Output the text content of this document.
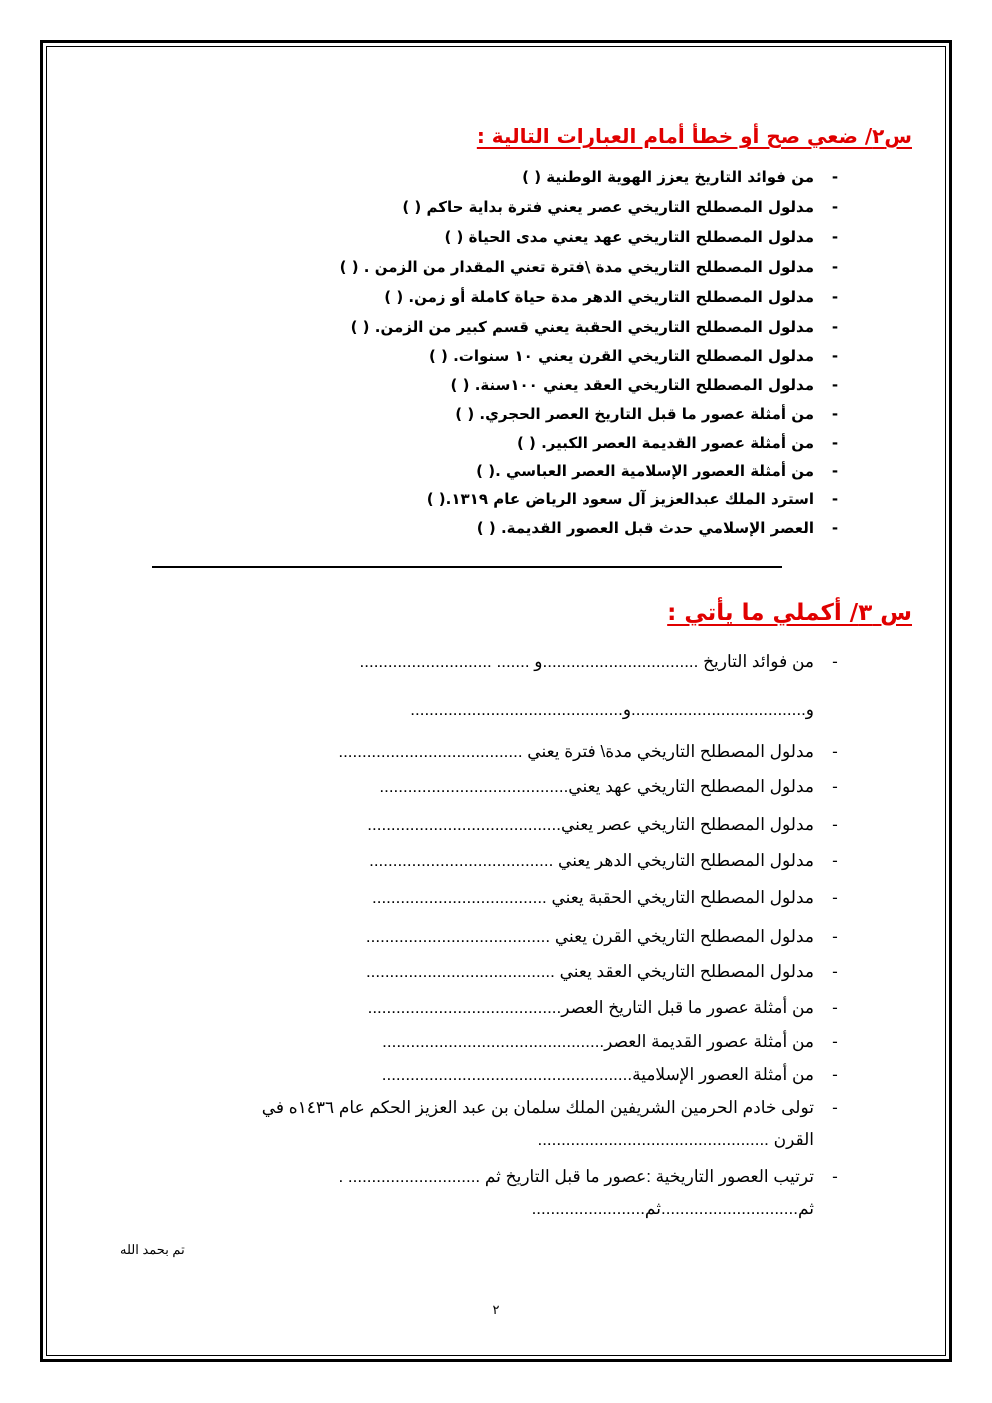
س٢/ ضعي صح أو خطأ أمام العبارات التالية :
-
من فوائد التاريخ يعزز الهوية الوطنية ( )
-
مدلول المصطلح التاريخي عصر يعني فترة بداية حاكم ( )
-
مدلول المصطلح التاريخي عهد يعني مدى الحياة ( )
-
مدلول المصطلح التاريخي مدة \فترة تعني المقدار من الزمن . ( )
-
مدلول المصطلح التاريخي الدهر مدة حياة كاملة أو زمن. ( )
-
مدلول المصطلح التاريخي الحقبة يعني قسم كبير من الزمن. ( )
-
مدلول المصطلح التاريخي القرن يعني ١٠ سنوات. ( )
-
مدلول المصطلح التاريخي العقد يعني ١٠٠سنة. ( )
-
من أمثلة عصور ما قبل التاريخ العصر الحجري. ( )
-
من أمثلة عصور القديمة العصر الكبير. ( )
-
من أمثلة العصور الإسلامية العصر العباسي .( )
-
استرد الملك عبدالعزيز آل سعود الرياض عام ١٣١٩.( )
-
العصر الإسلامي حدث قبل العصور القديمة. ( )
س ٣/ أكملي ما يأتي :
-
من فوائد التاريخ .................................و ....... ............................
و.....................................و.............................................
-
مدلول المصطلح التاريخي مدة\ فترة يعني .......................................
-
مدلول المصطلح التاريخي عهد يعني........................................
-
مدلول المصطلح التاريخي عصر يعني.........................................
-
مدلول المصطلح التاريخي الدهر يعني .......................................
-
مدلول المصطلح التاريخي الحقبة يعني .....................................
-
مدلول المصطلح التاريخي القرن يعني .......................................
-
مدلول المصطلح التاريخي العقد يعني ........................................
-
من أمثلة عصور ما قبل التاريخ العصر.........................................
-
من أمثلة عصور القديمة العصر...............................................
-
من أمثلة العصور الإسلامية.....................................................
-
تولى خادم الحرمين الشريفين الملك سلمان بن عبد العزيز الحكم عام ١٤٣٦ه في
القرن .................................................
-
ترتيب العصور التاريخية :عصور ما قبل التاريخ ثم ............................ .
ثم.............................ثم........................
تم بحمد الله
٢
